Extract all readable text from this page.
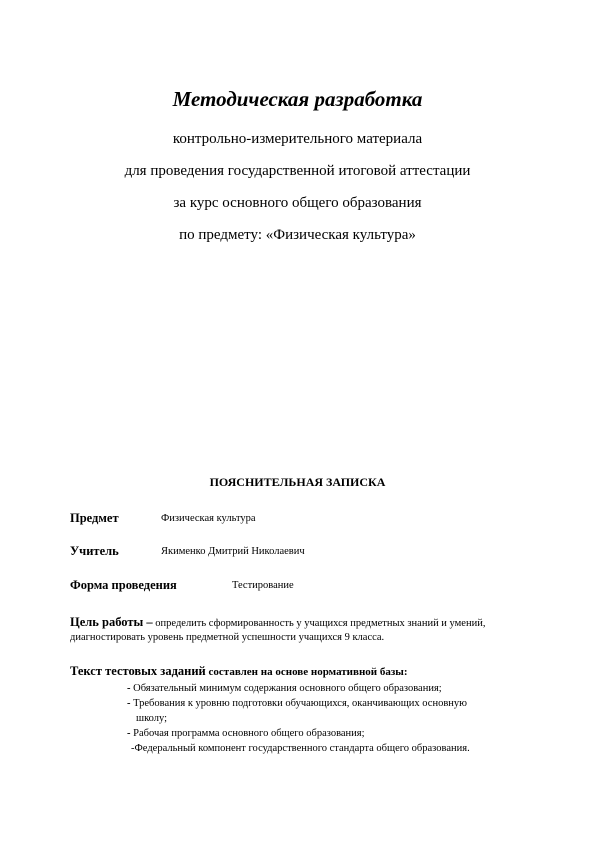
Методическая разработка
контрольно-измерительного материала
для проведения государственной итоговой аттестации
за курс основного общего образования
по предмету: «Физическая культура»
ПОЯСНИТЕЛЬНАЯ ЗАПИСКА
Предмет	Физическая культура
Учитель	Якименко Дмитрий Николаевич
Форма проведения	Тестирование
Цель работы – определить сформированность у учащихся предметных знаний и умений,
диагностировать уровень предметной успешности учащихся 9 класса.
Текст тестовых заданий составлен на основе нормативной базы:
- Обязательный минимум содержания основного общего образования;
- Требования к уровню подготовки обучающихся, оканчивающих основную
школу;
- Рабочая программа основного общего образования;
-Федеральный компонент государственного стандарта общего образования.
